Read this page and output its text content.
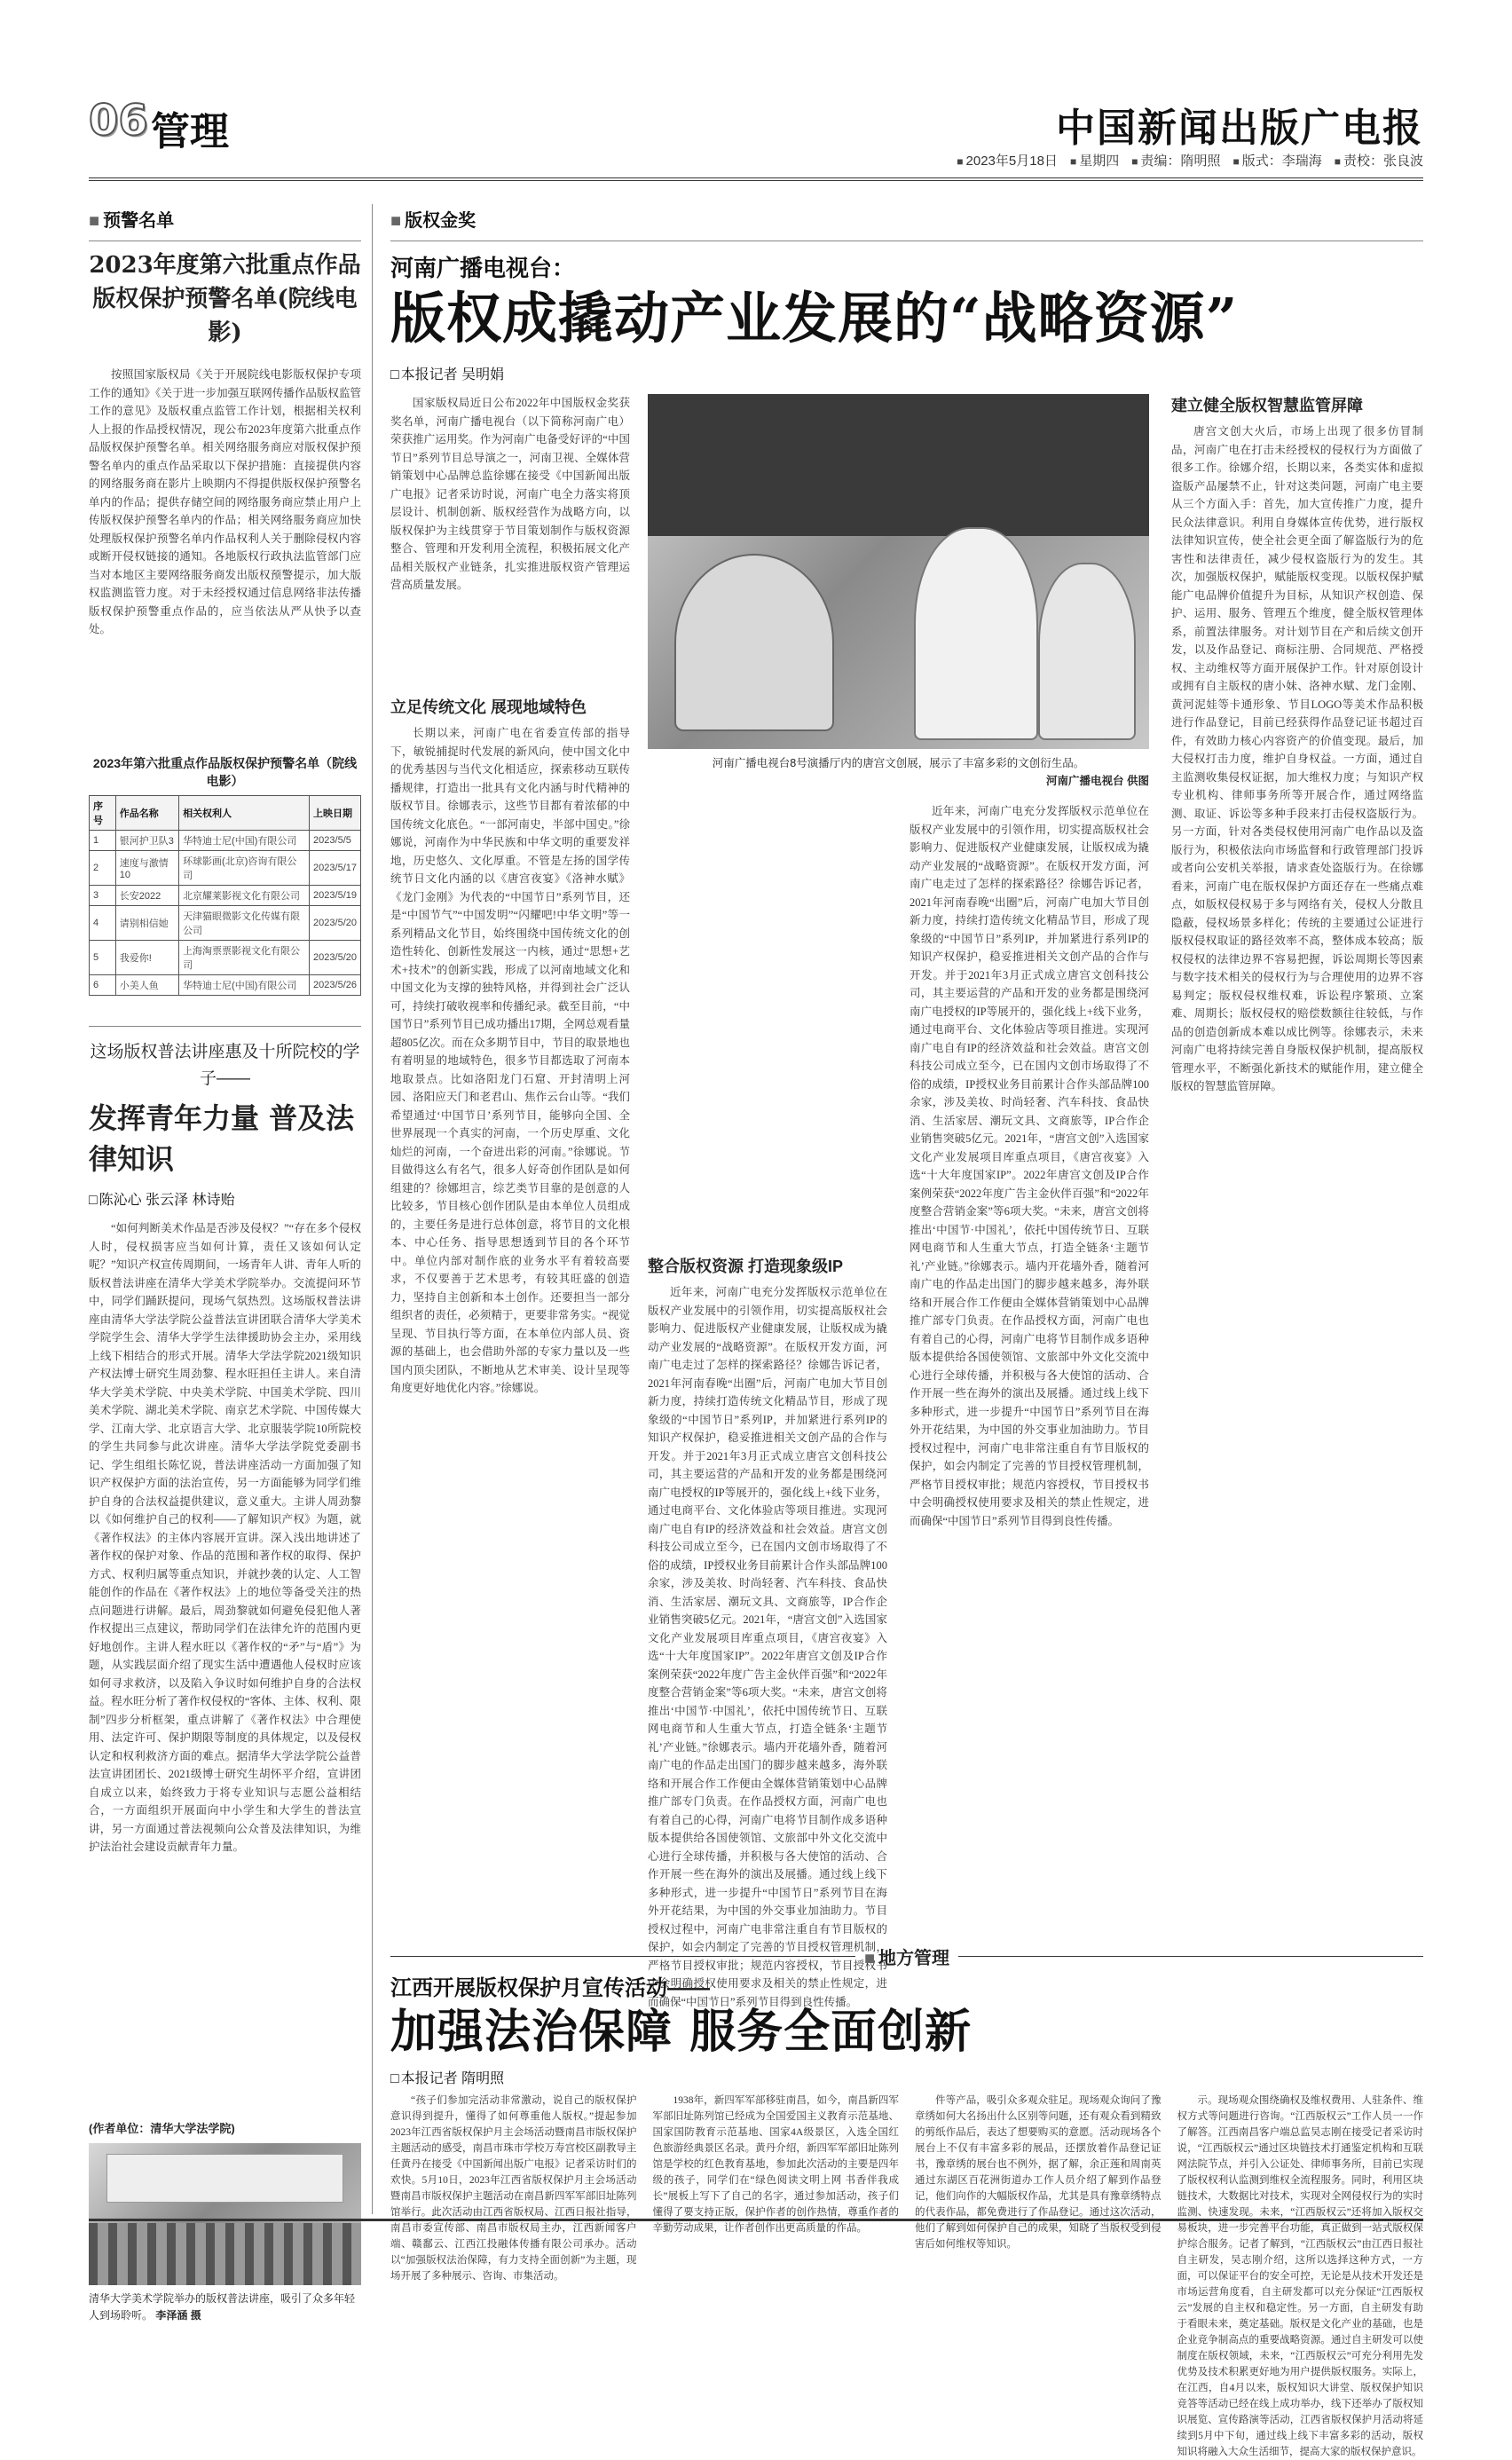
06 管理	中国新闻出版广电报
■ 2023年5月18日	■ 星期四	■ 责编：隋明照	■ 版式：李瑞海	■ 责校：张良波
■ 预警名单
2023年度第六批重点作品版权保护预警名单(院线电影)
按照国家版权局《关于开展院线电影版权保护专项工作的通知》《关于进一步加强互联网传播作品版权监管工作的意见》及版权重点监管工作计划，根据相关权利人上报的作品授权情况，现公布2023年度第六批重点作品版权保护预警名单。相关网络服务商应对版权保护预警名单内的重点作品采取以下保护措施：直接提供内容的网络服务商在影片上映期内不得提供版权保护预警名单内的作品；提供存储空间的网络服务商应禁止用户上传版权保护预警名单内的作品；相关网络服务商应加快处理版权保护预警名单内作品权利人关于删除侵权内容或断开侵权链接的通知。各地版权行政执法监管部门应当对本地区主要网络服务商发出版权预警提示，加大版权监测监管力度。对于未经授权通过信息网络非法传播版权保护预警重点作品的，应当依法从严从快予以查处。
2023年第六批重点作品版权保护预警名单（院线电影）
序号	作品名称	相关权利人	上映日期
1	银河护卫队3	华特迪士尼(中国)有限公司	2023/5/5
2	速度与激情10	环球影画(北京)咨询有限公司	2023/5/17
3	长安2022	北京耀莱影视文化有限公司	2023/5/19
4	请别相信她	天津猫眼微影文化传媒有限公司	2023/5/20
5	我爱你!	上海淘票票影视文化有限公司	2023/5/20
6	小美人鱼	华特迪士尼(中国)有限公司	2023/5/26
这场版权普法讲座惠及十所院校的学子——
发挥青年力量 普及法律知识
□ 陈沁心 张云泽 林诗贻
“如何判断美术作品是否涉及侵权？”“存在多个侵权人时，侵权损害应当如何计算，责任又该如何认定呢？”知识产权宣传周期间，一场青年人讲、青年人听的版权普法讲座在清华大学美术学院举办。交流提问环节中，同学们踊跃提问，现场气氛热烈。这场版权普法讲座由清华大学法学院公益普法宣讲团联合清华大学美术学院学生会、清华大学学生法律援助协会主办，采用线上线下相结合的形式开展。清华大学法学院2021级知识产权法博士研究生周劲黎、程水旺担任主讲人。来自清华大学美术学院、中央美术学院、中国美术学院、四川美术学院、湖北美术学院、南京艺术学院、中国传媒大学、江南大学、北京语言大学、北京服装学院10所院校的学生共同参与此次讲座。清华大学法学院党委副书记、学生组组长陈忆说，普法讲座活动一方面加强了知识产权保护方面的法治宣传，另一方面能够为同学们维护自身的合法权益提供建议，意义重大。主讲人周劲黎以《如何维护自己的权利——了解知识产权》为题，就《著作权法》的主体内容展开宣讲。深入浅出地讲述了著作权的保护对象、作品的范围和著作权的取得、保护方式、权利归属等重点知识，并就抄袭的认定、人工智能创作的作品在《著作权法》上的地位等备受关注的热点问题进行讲解。最后，周劲黎就如何避免侵犯他人著作权提出三点建议，帮助同学们在法律允许的范围内更好地创作。主讲人程水旺以《著作权的“矛”与“盾”》为题，从实践层面介绍了现实生活中遭遇他人侵权时应该如何寻求救济，以及陷入争议时如何维护自身的合法权益。程水旺分析了著作权侵权的“客体、主体、权利、限制”四步分析框架，重点讲解了《著作权法》中合理使用、法定许可、保护期限等制度的具体规定，以及侵权认定和权利救济方面的难点。据清华大学法学院公益普法宣讲团团长、2021级博士研究生胡怀平介绍，宣讲团自成立以来，始终致力于将专业知识与志愿公益相结合，一方面组织开展面向中小学生和大学生的普法宣讲，另一方面通过普法视频向公众普及法律知识，为维护法治社会建设贡献青年力量。
(作者单位：清华大学法学院)
清华大学美术学院举办的版权普法讲座，吸引了众多年轻人到场聆听。 李泽涵 摄
■ 版权金奖
河南广播电视台：
版权成撬动产业发展的“战略资源”
□ 本报记者 吴明娟
国家版权局近日公布2022年中国版权金奖获奖名单，河南广播电视台（以下简称河南广电）荣获推广运用奖。作为河南广电备受好评的“中国节日”系列节目总导演之一，河南卫视、全媒体营销策划中心品牌总监徐娜在接受《中国新闻出版广电报》记者采访时说，河南广电全力落实将顶层设计、机制创新、版权经营作为战略方向，以版权保护为主线贯穿于节目策划制作与版权资源整合、管理和开发利用全流程，积极拓展文化产品相关版权产业链条，扎实推进版权资产管理运营高质量发展。
立足传统文化 展现地域特色
长期以来，河南广电在省委宣传部的指导下，敏锐捕捉时代发展的新风向，使中国文化中的优秀基因与当代文化相适应，探索移动互联传播规律，打造出一批具有文化内涵与时代精神的版权节目。徐娜表示，这些节目都有着浓郁的中国传统文化底色。“一部河南史，半部中国史。”徐娜说，河南作为中华民族和中华文明的重要发祥地，历史悠久、文化厚重。不管是左扬的国学传统节日文化内涵的以《唐宫夜宴》《洛神水赋》《龙门金刚》为代表的“中国节日”系列节目，还是“中国节气”“中国发明”“闪耀吧!中华文明”等一系列精品文化节目，始终围绕中国传统文化的创造性转化、创新性发展这一内核，通过“思想+艺术+技术”的创新实践，形成了以河南地域文化和中国文化为支撑的独特风格，并得到社会广泛认可，持续打破收视率和传播纪录。截至目前，“中国节日”系列节目已成功播出17期，全网总观看量超805亿次。而在众多期节目中，节目的取景地也有着明显的地域特色，很多节目都选取了河南本地取景点。比如洛阳龙门石窟、开封清明上河园、洛阳应天门和老君山、焦作云台山等。“我们希望通过‘中国节日’系列节目，能够向全国、全世界展现一个真实的河南，一个历史厚重、文化灿烂的河南，一个奋进出彩的河南。”徐娜说。节目做得这么有名气，很多人好奇创作团队是如何组建的？徐娜坦言，综艺类节目靠的是创意的人比较多，节目核心创作团队是由本单位人员组成的，主要任务是进行总体创意，将节目的文化根本、中心任务、指导思想透到节目的各个环节中。单位内部对制作底的业务水平有着较高要求，不仅要善于艺术思考，有较其旺盛的创造力，坚持自主创新和本土创作。还要担当一部分组织者的责任，必须精于，更要非常务实。“视觉呈现、节目执行等方面，在本单位内部人员、资源的基础上，也会借助外部的专家力量以及一些国内顶尖团队，不断地从艺术审美、设计呈现等角度更好地优化内容。”徐娜说。
河南广播电视台8号演播厅内的唐宫文创展，展示了丰富多彩的文创衍生品。
河南广播电视台 供图
整合版权资源 打造现象级IP
近年来，河南广电充分发挥版权示范单位在版权产业发展中的引领作用，切实提高版权社会影响力、促进版权产业健康发展，让版权成为撬动产业发展的“战略资源”。在版权开发方面，河南广电走过了怎样的探索路径？徐娜告诉记者，2021年河南春晚“出圈”后，河南广电加大节目创新力度，持续打造传统文化精品节目，形成了现象级的“中国节日”系列IP，并加紧进行系列IP的知识产权保护，稳妥推进相关文创产品的合作与开发。并于2021年3月正式成立唐宫文创科技公司，其主要运营的产品和开发的业务都是围绕河南广电授权的IP等展开的，强化线上+线下业务，通过电商平台、文化体验店等项目推进。实现河南广电自有IP的经济效益和社会效益。唐宫文创科技公司成立至今，已在国内文创市场取得了不俗的成绩，IP授权业务目前累计合作头部品牌100余家，涉及美妆、时尚轻奢、汽车科技、食品快消、生活家居、潮玩文具、文商旅等，IP合作企业销售突破5亿元。2021年，“唐宫文创”入选国家文化产业发展项目库重点项目，《唐宫夜宴》入选“十大年度国家IP”。2022年唐宫文创及IP合作案例荣获“2022年度广告主金伙伴百强”和“2022年度整合营销金案”等6项大奖。“未来，唐宫文创将推出‘中国节·中国礼’，依托中国传统节日、互联网电商节和人生重大节点，打造全链条‘主题节礼’产业链。”徐娜表示。墙内开花墙外香，随着河南广电的作品走出国门的脚步越来越多，海外联络和开展合作工作便由全媒体营销策划中心品牌推广部专门负责。在作品授权方面，河南广电也有着自己的心得，河南广电将节目制作成多语种版本提供给各国使领馆、文旅部中外文化交流中心进行全球传播，并积极与各大使馆的活动、合作开展一些在海外的演出及展播。通过线上线下多种形式，进一步提升“中国节日”系列节目在海外开花结果，为中国的外交事业加油助力。节目授权过程中，河南广电非常注重自有节目版权的保护，如会内制定了完善的节目授权管理机制，严格节目授权审批；规范内容授权，节目授权书中会明确授权使用要求及相关的禁止性规定，进而确保“中国节日”系列节目得到良性传播。
近年来，河南广电充分发挥版权示范单位在版权产业发展中的引领作用，切实提高版权社会影响力、促进版权产业健康发展，让版权成为撬动产业发展的“战略资源”。在版权开发方面，河南广电走过了怎样的探索路径？徐娜告诉记者，2021年河南春晚“出圈”后，河南广电加大节目创新力度，持续打造传统文化精品节目，形成了现象级的“中国节日”系列IP，并加紧进行系列IP的知识产权保护，稳妥推进相关文创产品的合作与开发。并于2021年3月正式成立唐宫文创科技公司，其主要运营的产品和开发的业务都是围绕河南广电授权的IP等展开的，强化线上+线下业务，通过电商平台、文化体验店等项目推进。实现河南广电自有IP的经济效益和社会效益。唐宫文创科技公司成立至今，已在国内文创市场取得了不俗的成绩，IP授权业务目前累计合作头部品牌100余家，涉及美妆、时尚轻奢、汽车科技、食品快消、生活家居、潮玩文具、文商旅等，IP合作企业销售突破5亿元。2021年，“唐宫文创”入选国家文化产业发展项目库重点项目，《唐宫夜宴》入选“十大年度国家IP”。2022年唐宫文创及IP合作案例荣获“2022年度广告主金伙伴百强”和“2022年度整合营销金案”等6项大奖。“未来，唐宫文创将推出‘中国节·中国礼’，依托中国传统节日、互联网电商节和人生重大节点，打造全链条‘主题节礼’产业链。”徐娜表示。墙内开花墙外香，随着河南广电的作品走出国门的脚步越来越多，海外联络和开展合作工作便由全媒体营销策划中心品牌推广部专门负责。在作品授权方面，河南广电也有着自己的心得，河南广电将节目制作成多语种版本提供给各国使领馆、文旅部中外文化交流中心进行全球传播，并积极与各大使馆的活动、合作开展一些在海外的演出及展播。通过线上线下多种形式，进一步提升“中国节日”系列节目在海外开花结果，为中国的外交事业加油助力。节目授权过程中，河南广电非常注重自有节目版权的保护，如会内制定了完善的节目授权管理机制，严格节目授权审批；规范内容授权，节目授权书中会明确授权使用要求及相关的禁止性规定，进而确保“中国节日”系列节目得到良性传播。
建立健全版权智慧监管屏障
唐宫文创大火后，市场上出现了很多仿冒制品，河南广电在打击未经授权的侵权行为方面做了很多工作。徐娜介绍，长期以来，各类实体和虚拟盗版产品屡禁不止，针对这类问题，河南广电主要从三个方面入手：首先，加大宣传推广力度，提升民众法律意识。利用自身媒体宣传优势，进行版权法律知识宣传，使全社会更全面了解盗版行为的危害性和法律责任，减少侵权盗版行为的发生。其次，加强版权保护，赋能版权变现。以版权保护赋能广电品牌价值提升为目标，从知识产权创造、保护、运用、服务、管理五个维度，健全版权管理体系，前置法律服务。对计划节目在产和后续文创开发，以及作品登记、商标注册、合同规范、严格授权、主动维权等方面开展保护工作。针对原创设计或拥有自主版权的唐小妹、洛神水赋、龙门金刚、黄河泥娃等卡通形象、节目LOGO等美术作品积极进行作品登记，目前已经获得作品登记证书超过百件，有效助力核心内容资产的价值变现。最后，加大侵权打击力度，维护自身权益。一方面，通过自主监测收集侵权证据，加大维权力度；与知识产权专业机构、律师事务所等开展合作，通过网络监测、取证、诉讼等多种手段来打击侵权盗版行为。另一方面，针对各类侵权使用河南广电作品以及盗版行为，积极依法向市场监督和行政管理部门投诉或者向公安机关举报，请求查处盗版行为。在徐娜看来，河南广电在版权保护方面还存在一些痛点难点，如版权侵权易于多与网络有关，侵权人分散且隐蔽，侵权场景多样化；传统的主要通过公证进行版权侵权取证的路径效率不高，整体成本较高；版权侵权的法律边界不容易把握，诉讼周期长等因素与数字技术相关的侵权行为与合理使用的边界不容易判定；版权侵权维权难，诉讼程序繁琐、立案难、周期长；版权侵权的赔偿数额往往较低，与作品的创造创新成本难以成比例等。徐娜表示，未来河南广电将持续完善自身版权保护机制，提高版权管理水平，不断强化新技术的赋能作用，建立健全版权的智慧监管屏障。
■ 地方管理
江西开展版权保护月宣传活动——
加强法治保障 服务全面创新
□ 本报记者 隋明照
“孩子们参加完活动非常激动，说自己的版权保护意识得到提升，懂得了如何尊重他人版权。”提起参加2023年江西省版权保护月主会场活动暨南昌市版权保护主题活动的感受，南昌市珠市学校万寿宫校区副教导主任黄丹在接受《中国新闻出版广电报》记者采访时们的欢快。5月10日，2023年江西省版权保护月主会场活动暨南昌市版权保护主题活动在南昌新四军军部旧址陈列馆举行。此次活动由江西省版权局、江西日报社指导，南昌市委宣传部、南昌市版权局主办，江西新闻客户端、赣鄱云、江西江投融体传播有限公司承办。活动以“加强版权法治保障，有力支持全面创新”为主题，现场开展了多种展示、咨询、市集活动。
1938年，新四军军部移驻南昌，如今，南昌新四军军部旧址陈列馆已经成为全国爱国主义教育示范基地、国家国防教育示范基地、国家4A级景区，入选全国红色旅游经典景区名录。黄丹介绍，新四军军部旧址陈列馆是学校的红色教育基地，参加此次活动的主要是四年级的孩子，同学们在“绿色阅读文明上网 书香伴我成长”展板上写下了自己的名字，通过参加活动，孩子们懂得了要支持正版，保护作者的创作热情，尊重作者的辛勤劳动成果，让作者创作出更高质量的作品。
件等产品，吸引众多观众驻足。现场观众询问了豫章绣如何大名扬出什么区别等问题，还有观众看到精致的剪纸作品后，表达了想要购买的意愿。活动现场各个展台上不仅有丰富多彩的展品，还摆放着作品登记证书，豫章绣的展台也不例外，据了解，余正莲和周南英通过东湖区百花洲街道办工作人员介绍了解到作品登记，他们向作的大幅版权作品，尤其是具有豫章绣特点的代表作品，都免费进行了作品登记。通过这次活动，他们了解到如何保护自己的成果，知晓了当版权受到侵害后如何维权等知识。
示。现场观众围绕确权及维权费用、人驻条件、维权方式等问题进行咨询。“江西版权云”工作人员一一作了解答。江西南昌客户端总监吴志刚在接受记者采访时说，“江西版权云”通过区块链技术打通鉴定机构和互联网法院节点，并引入公证处、律师事务所，目前已实现了版权权利认监测到维权全流程服务。同时，利用区块链技术，大数据比对技术，实现对全网侵权行为的实时监测、快速发现。未来，“江西版权云”还将加入版权交易板块，进一步完善平台功能，真正做到一站式版权保护综合服务。记者了解到，“江西版权云”由江西日报社自主研发，吴志刚介绍，这所以选择这种方式，一方面，可以保证平台的安全可控，无论是从技术开发还是市场运营角度看，自主研发都可以充分保证“江西版权云”发展的自主权和稳定性。另一方面，自主研发有助于看眼未来，奠定基础。版权是文化产业的基础，也是企业竞争制高点的重要战略资源。通过自主研发可以使制度在版权领域，未来，“江西版权云”可充分利用先发优势及技术积累更好地为用户提供版权服务。实际上，在江西，自4月以来，版权知识大讲堂、版权保护知识竞答等活动已经在线上成功举办，线下还举办了版权知识展览、宣传路演等活动，江西省版权保护月活动将延续到5月中下旬，通过线上线下丰富多彩的活动，版权知识将融入大众生活细节，提高大家的版权保护意识。
